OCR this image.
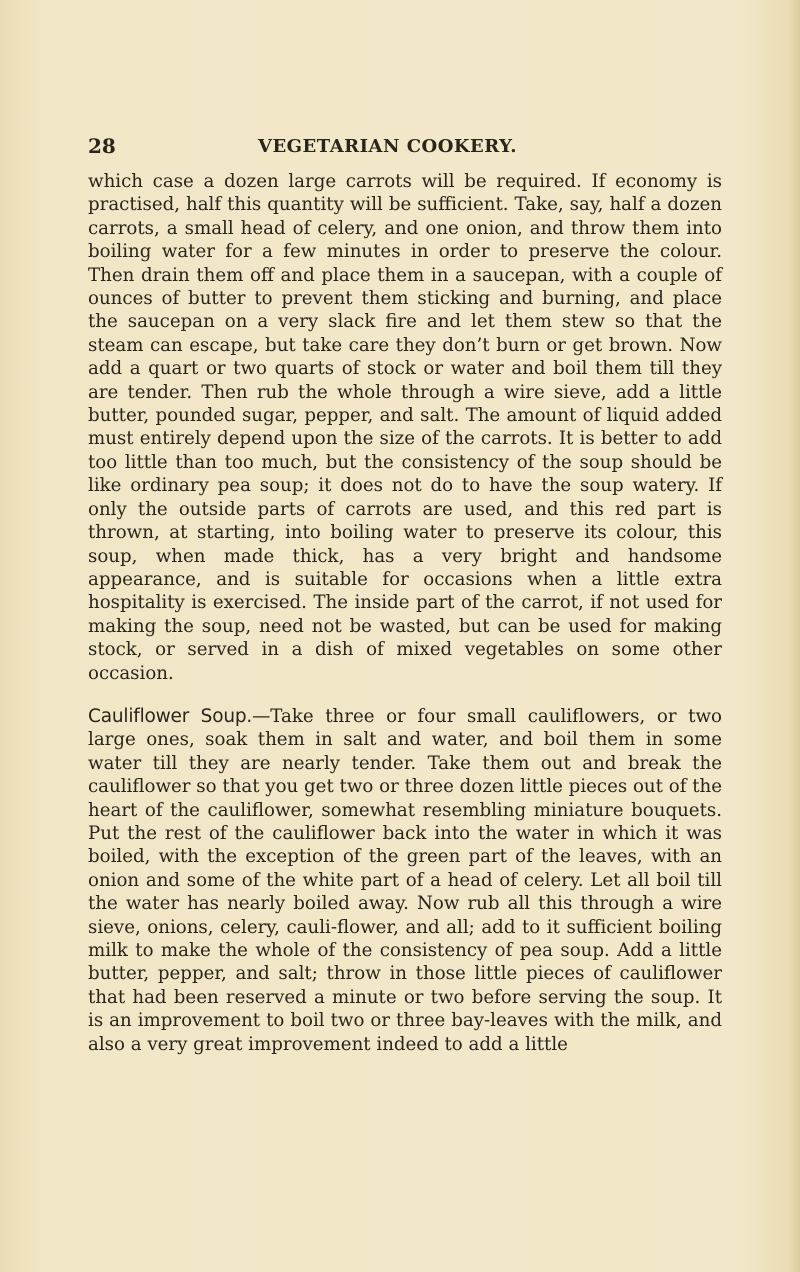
28	VEGETARIAN COOKERY.

which case a dozen large carrots will be required. If economy is practised, half this quantity will be sufficient. Take, say, half a dozen carrots, a small head of celery, and one onion, and throw them into boiling water for a few minutes in order to preserve the colour. Then drain them off and place them in a saucepan, with a couple of ounces of butter to prevent them sticking and burning, and place the saucepan on a very slack fire and let them stew so that the steam can escape, but take care they don’t burn or get brown. Now add a quart or two quarts of stock or water and boil them till they are tender. Then rub the whole through a wire sieve, add a little butter, pounded sugar, pepper, and salt. The amount of liquid added must entirely depend upon the size of the carrots. It is better to add too little than too much, but the consistency of the soup should be like ordinary pea soup; it does not do to have the soup watery. If only the outside parts of carrots are used, and this red part is thrown, at starting, into boiling water to preserve its colour, this soup, when made thick, has a very bright and handsome appearance, and is suitable for occasions when a little extra hospitality is exercised. The inside part of the carrot, if not used for making the soup, need not be wasted, but can be used for making stock, or served in a dish of mixed vegetables on some other occasion.

Cauliflower Soup.—Take three or four small cauliflowers, or two large ones, soak them in salt and water, and boil them in some water till they are nearly tender. Take them out and break the cauliflower so that you get two or three dozen little pieces out of the heart of the cauliflower, somewhat resembling miniature bouquets. Put the rest of the cauliflower back into the water in which it was boiled, with the exception of the green part of the leaves, with an onion and some of the white part of a head of celery. Let all boil till the water has nearly boiled away. Now rub all this through a wire sieve, onions, celery, cauli-flower, and all; add to it sufficient boiling milk to make the whole of the consistency of pea soup. Add a little butter, pepper, and salt; throw in those little pieces of cauliflower that had been reserved a minute or two before serving the soup. It is an improvement to boil two or three bay-leaves with the milk, and also a very great improvement indeed to add a little
